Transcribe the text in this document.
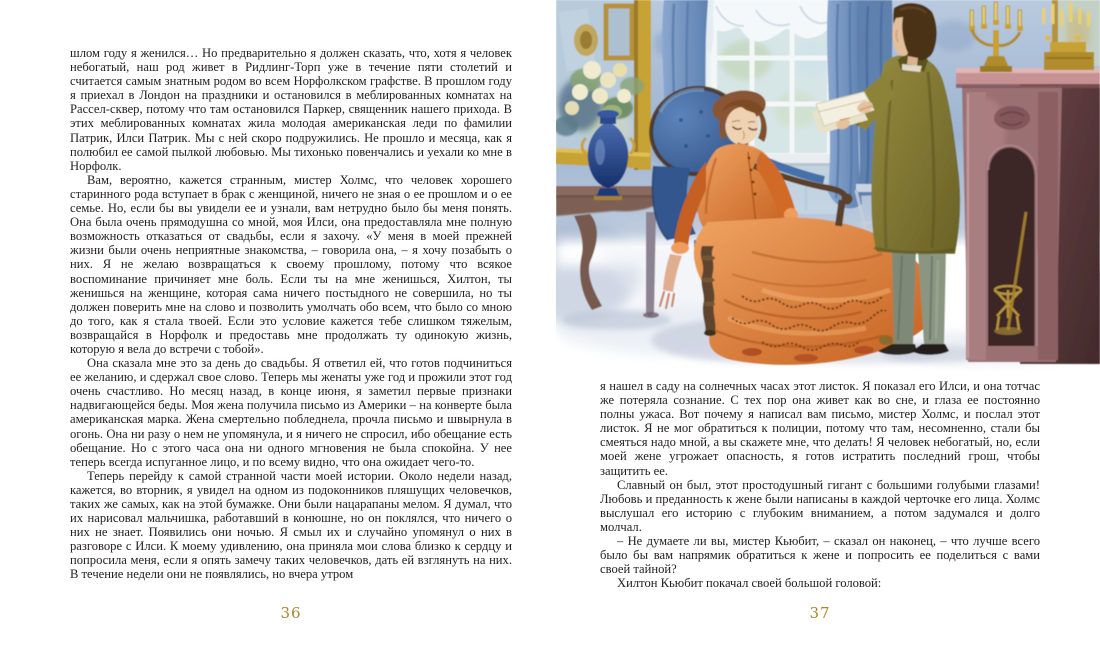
шлом году я женился… Но предварительно я должен сказать, что, хотя я человек небогатый, наш род живет в Ридлинг-Торп уже в течение пяти столетий и считается самым знатным родом во всем Норфолкском графстве. В прошлом году я приехал в Лондон на праздники и остановился в меблированных комнатах на Рассел-сквер, потому что там остановился Паркер, священник нашего прихода. В этих меблированных комнатах жила молодая американская леди по фамилии Патрик, Илси Патрик. Мы с ней скоро подружились. Не прошло и месяца, как я полюбил ее самой пылкой любовью. Мы тихонько повенчались и уехали ко мне в Норфолк.

Вам, вероятно, кажется странным, мистер Холмс, что человек хорошего старинного рода вступает в брак с женщиной, ничего не зная о ее прошлом и о ее семье. Но, если бы вы увидели ее и узнали, вам нетрудно было бы меня понять. Она была очень прямодушна со мной, моя Илси, она предоставляла мне полную возможность отказаться от свадьбы, если я захочу. «У меня в моей прежней жизни были очень неприятные знакомства, – говорила она, – я хочу позабыть о них. Я не желаю возвращаться к своему прошлому, потому что всякое воспоминание причиняет мне боль. Если ты на мне женишься, Хилтон, ты женишься на женщине, которая сама ничего постыдного не совершила, но ты должен поверить мне на слово и позволить умолчать обо всем, что было со мною до того, как я стала твоей. Если это условие кажется тебе слишком тяжелым, возвращайся в Норфолк и предоставь мне продолжать ту одинокую жизнь, которую я вела до встречи с тобой».

Она сказала мне это за день до свадьбы. Я ответил ей, что готов подчиниться ее желанию, и сдержал свое слово. Теперь мы женаты уже год и прожили этот год очень счастливо. Но месяц назад, в конце июня, я заметил первые признаки надвигающейся беды. Моя жена получила письмо из Америки – на конверте была американская марка. Жена смертельно побледнела, прочла письмо и швырнула в огонь. Она ни разу о нем не упомянула, и я ничего не спросил, ибо обещание есть обещание. Но с этого часа она ни одного мгновения не была спокойна. У нее теперь всегда испуганное лицо, и по всему видно, что она ожидает чего-то.

Теперь перейду к самой странной части моей истории. Около недели назад, кажется, во вторник, я увидел на одном из подоконников пляшущих человечков, таких же самых, как на этой бумажке. Они были нацарапаны мелом. Я думал, что их нарисовал мальчишка, работавший в конюшне, но он поклялся, что ничего о них не знает. Появились они ночью. Я смыл их и случайно упомянул о них в разговоре с Илси. К моему удивлению, она приняла мои слова близко к сердцу и попросила меня, если я опять замечу таких человечков, дать ей взглянуть на них. В течение недели они не появлялись, но вчера утром

36

я нашел в саду на солнечных часах этот листок. Я показал его Илси, и она тотчас же потеряла сознание. С тех пор она живет как во сне, и глаза ее постоянно полны ужаса. Вот почему я написал вам письмо, мистер Холмс, и послал этот листок. Я не мог обратиться к полиции, потому что там, несомненно, стали бы смеяться надо мной, а вы скажете мне, что делать! Я человек небогатый, но, если моей жене угрожает опасность, я готов истратить последний грош, чтобы защитить ее.

Славный он был, этот простодушный гигант с большими голубыми глазами! Любовь и преданность к жене были написаны в каждой черточке его лица. Холмс выслушал его историю с глубоким вниманием, а потом задумался и долго молчал.

– Не думаете ли вы, мистер Кьюбит, – сказал он наконец, – что лучше всего было бы вам напрямик обратиться к жене и попросить ее поделиться с вами своей тайной?

Хилтон Кьюбит покачал своей большой головой:

37
